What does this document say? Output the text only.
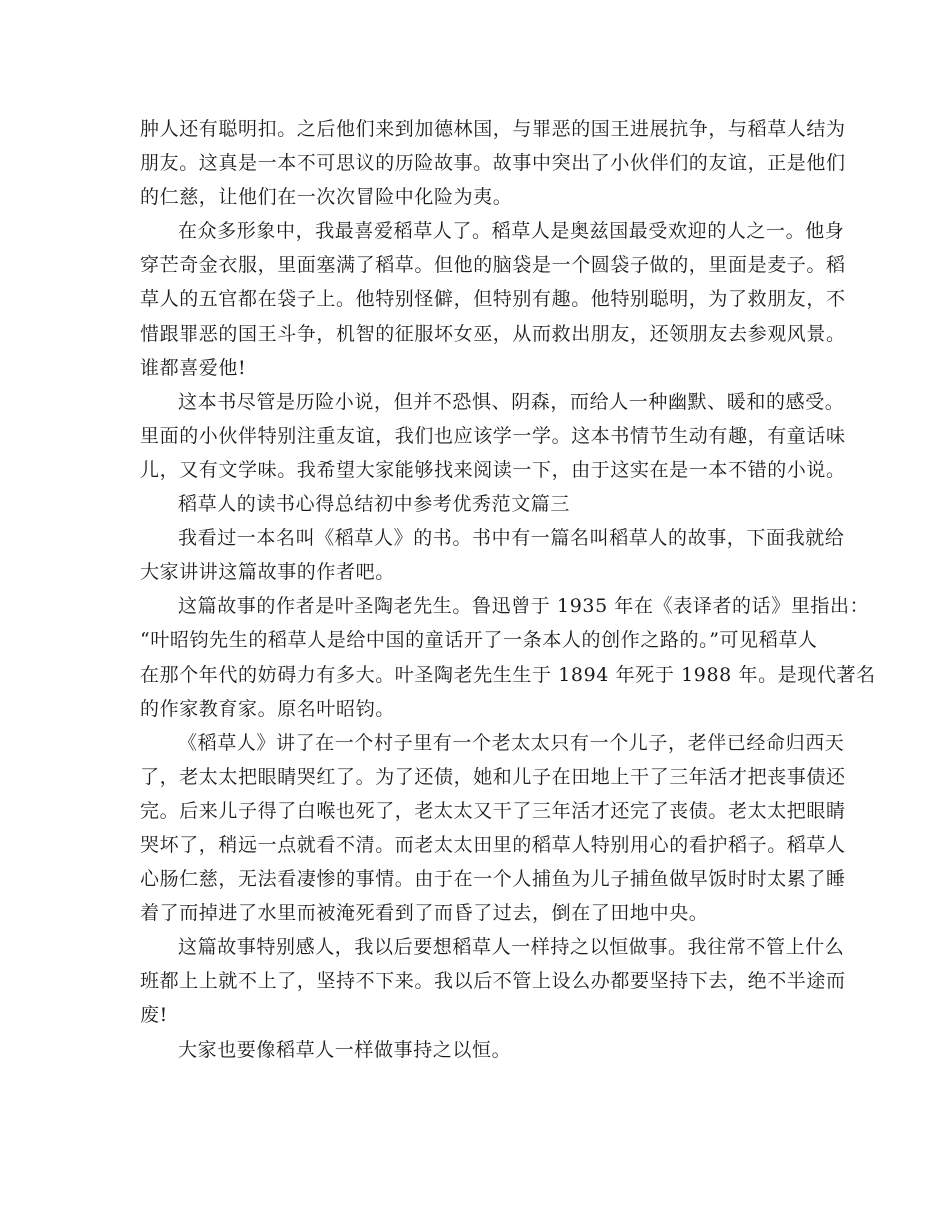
肿人还有聪明扣。之后他们来到加德林国，与罪恶的国王进展抗争，与稻草人结为
朋友。这真是一本不可思议的历险故事。故事中突出了小伙伴们的友谊，正是他们
的仁慈，让他们在一次次冒险中化险为夷。
在众多形象中，我最喜爱稻草人了。稻草人是奥兹国最受欢迎的人之一。他身
穿芒奇金衣服，里面塞满了稻草。但他的脑袋是一个圆袋子做的，里面是麦子。稻
草人的五官都在袋子上。他特别怪僻，但特别有趣。他特别聪明，为了救朋友，不
惜跟罪恶的国王斗争，机智的征服坏女巫，从而救出朋友，还领朋友去参观风景。
谁都喜爱他!
这本书尽管是历险小说，但并不恐惧、阴森，而给人一种幽默、暖和的感受。
里面的小伙伴特别注重友谊，我们也应该学一学。这本书情节生动有趣，有童话味
儿，又有文学味。我希望大家能够找来阅读一下，由于这实在是一本不错的小说。
稻草人的读书心得总结初中参考优秀范文篇三
我看过一本名叫《稻草人》的书。书中有一篇名叫稻草人的故事，下面我就给
大家讲讲这篇故事的作者吧。
这篇故事的作者是叶圣陶老先生。鲁迅曾于 1935 年在《表译者的话》里指出：
“叶昭钧先生的稻草人是给中国的童话开了一条本人的创作之路的。”可见稻草人
在那个年代的妨碍力有多大。叶圣陶老先生生于 1894 年死于 1988 年。是现代著名
的作家教育家。原名叶昭钧。
《稻草人》讲了在一个村子里有一个老太太只有一个儿子，老伴已经命归西天
了，老太太把眼睛哭红了。为了还债，她和儿子在田地上干了三年活才把丧事债还
完。后来儿子得了白喉也死了，老太太又干了三年活才还完了丧债。老太太把眼睛
哭坏了，稍远一点就看不清。而老太太田里的稻草人特别用心的看护稻子。稻草人
心肠仁慈，无法看凄惨的事情。由于在一个人捕鱼为儿子捕鱼做早饭时时太累了睡
着了而掉进了水里而被淹死看到了而昏了过去，倒在了田地中央。
这篇故事特别感人，我以后要想稻草人一样持之以恒做事。我往常不管上什么
班都上上就不上了，坚持不下来。我以后不管上设么办都要坚持下去，绝不半途而
废!
大家也要像稻草人一样做事持之以恒。
